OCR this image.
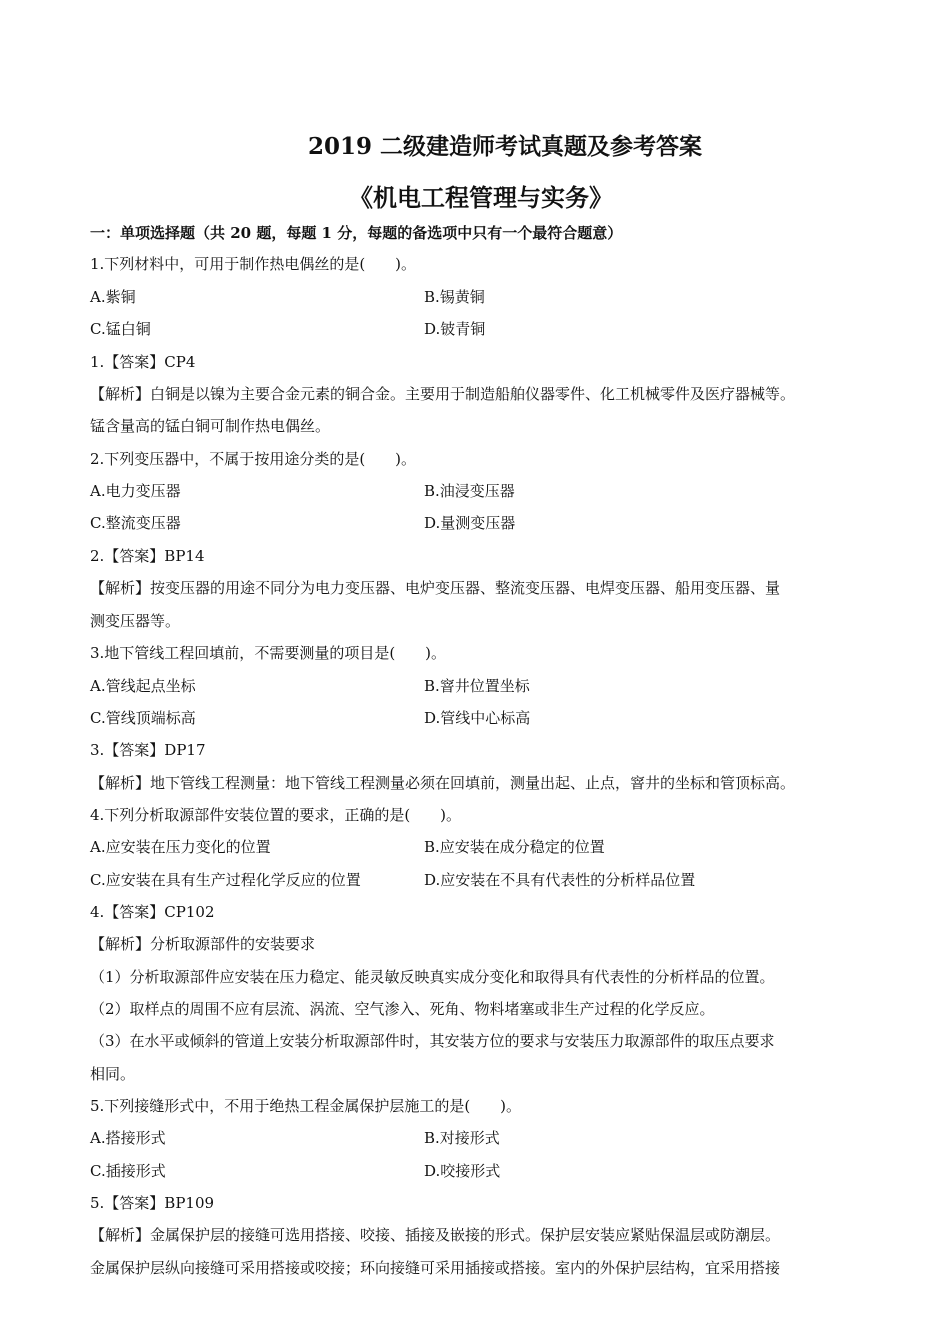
2019 二级建造师考试真题及参考答案
《机电工程管理与实务》
一：单项选择题（共 20 题，每题 1 分，每题的备选项中只有一个最符合题意）
1.下列材料中，可用于制作热电偶丝的是(　　)。
A.紫铜	B.锡黄铜
C.锰白铜	D.铍青铜
1.【答案】CP4
【解析】白铜是以镍为主要合金元素的铜合金。主要用于制造船舶仪器零件、化工机械零件及医疗器械等。
锰含量高的锰白铜可制作热电偶丝。
2.下列变压器中，不属于按用途分类的是(　　)。
A.电力变压器	B.油浸变压器
C.整流变压器	D.量测变压器
2.【答案】BP14
【解析】按变压器的用途不同分为电力变压器、电炉变压器、整流变压器、电焊变压器、船用变压器、量
测变压器等。
3.地下管线工程回填前，不需要测量的项目是(　　)。
A.管线起点坐标	B.窨井位置坐标
C.管线顶端标高	D.管线中心标高
3.【答案】DP17
【解析】地下管线工程测量：地下管线工程测量必须在回填前，测量出起、止点，窨井的坐标和管顶标高。
4.下列分析取源部件安装位置的要求，正确的是(　　)。
A.应安装在压力变化的位置	B.应安装在成分稳定的位置
C.应安装在具有生产过程化学反应的位置	D.应安装在不具有代表性的分析样品位置
4.【答案】CP102
【解析】分析取源部件的安装要求
（1）分析取源部件应安装在压力稳定、能灵敏反映真实成分变化和取得具有代表性的分析样品的位置。
（2）取样点的周围不应有层流、涡流、空气渗入、死角、物料堵塞或非生产过程的化学反应。
（3）在水平或倾斜的管道上安装分析取源部件时，其安装方位的要求与安装压力取源部件的取压点要求
相同。
5.下列接缝形式中，不用于绝热工程金属保护层施工的是(　　)。
A.搭接形式	B.对接形式
C.插接形式	D.咬接形式
5.【答案】BP109
【解析】金属保护层的接缝可选用搭接、咬接、插接及嵌接的形式。保护层安装应紧贴保温层或防潮层。
金属保护层纵向接缝可采用搭接或咬接；环向接缝可采用插接或搭接。室内的外保护层结构，宜采用搭接
